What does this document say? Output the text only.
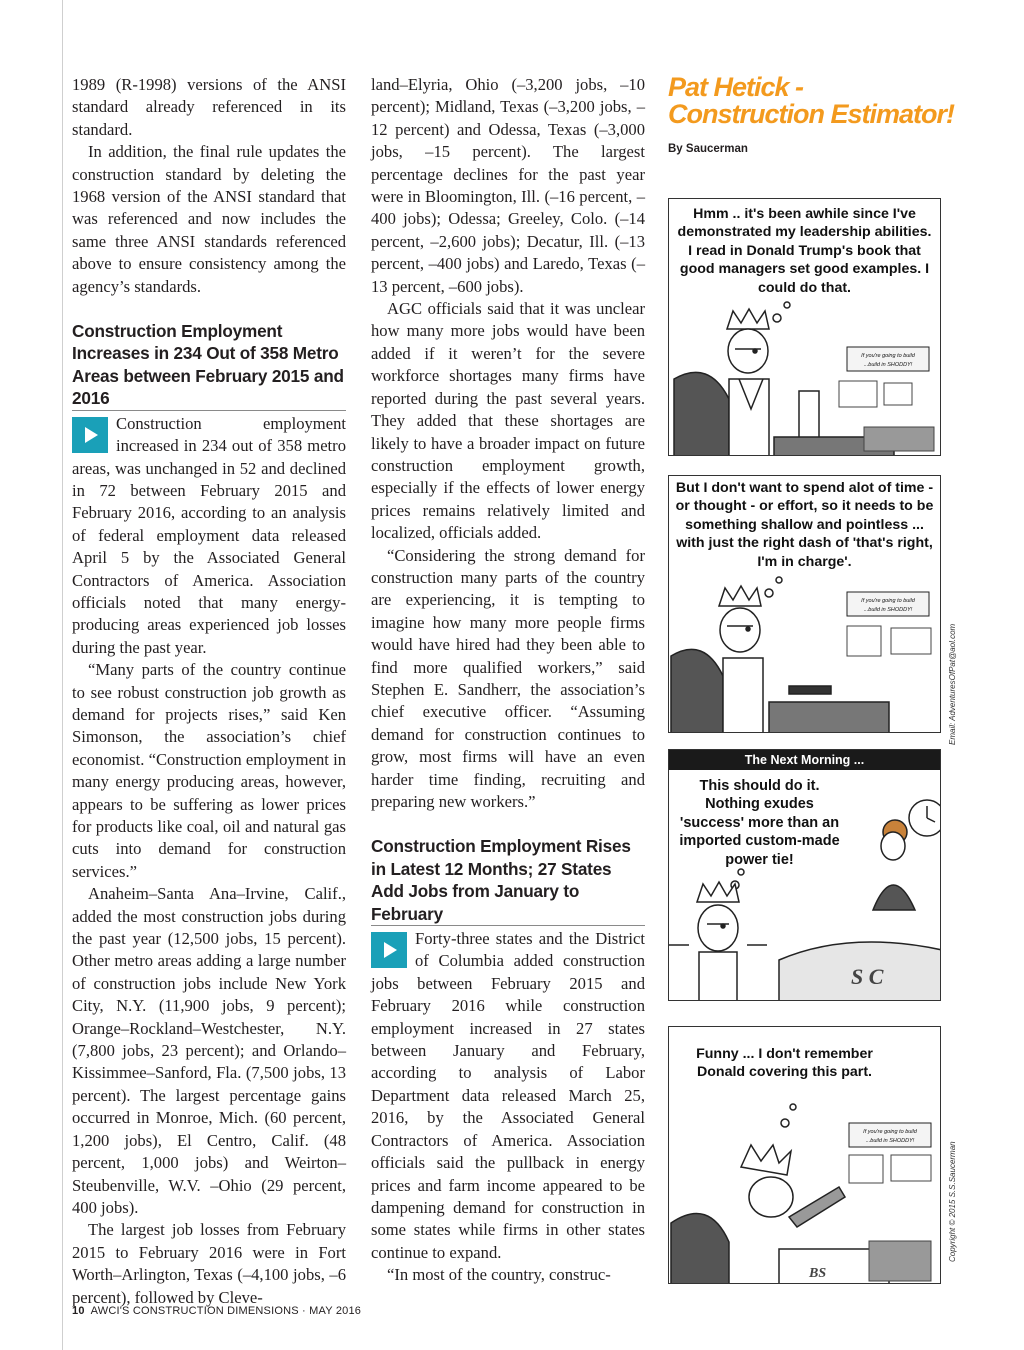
1989 (R-1998) versions of the ANSI standard already referenced in its standard.

In addition, the final rule updates the construction standard by deleting the 1968 version of the ANSI standard that was referenced and now includes the same three ANSI standards referenced above to ensure consistency among the agency’s standards.

Construction Employment Increases in 234 Out of 358 Metro Areas between February 2015 and 2016

Construction employment increased in 234 out of 358 metro areas, was unchanged in 52 and declined in 72 between February 2015 and February 2016, according to an analysis of federal employment data released April 5 by the Associated General Contractors of America. Association officials noted that many energy-producing areas experienced job losses during the past year.

“Many parts of the country continue to see robust construction job growth as demand for projects rises,” said Ken Simonson, the association’s chief economist. “Construction employment in many energy producing areas, however, appears to be suffering as lower prices for products like coal, oil and natural gas cuts into demand for construction services.”

Anaheim–Santa Ana–Irvine, Calif., added the most construction jobs during the past year (12,500 jobs, 15 percent). Other metro areas adding a large number of construction jobs include New York City, N.Y. (11,900 jobs, 9 percent); Orange–Rockland–Westchester, N.Y. (7,800 jobs, 23 percent); and Orlando–Kissimmee–Sanford, Fla. (7,500 jobs, 13 percent). The largest percentage gains occurred in Monroe, Mich. (60 percent, 1,200 jobs), El Centro, Calif. (48 percent, 1,000 jobs) and Weirton–Steubenville, W.V. –Ohio (29 percent, 400 jobs).

The largest job losses from February 2015 to February 2016 were in Fort Worth–Arlington, Texas (–4,100 jobs, –6 percent), followed by Cleve-

land–Elyria, Ohio (–3,200 jobs, –10 percent); Midland, Texas (–3,200 jobs, –12 percent) and Odessa, Texas (–3,000 jobs, –15 percent). The largest percentage declines for the past year were in Bloomington, Ill. (–16 percent, –400 jobs); Odessa; Greeley, Colo. (–14 percent, –2,600 jobs); Decatur, Ill. (–13 percent, –400 jobs) and Laredo, Texas (–13 percent, –600 jobs).

AGC officials said that it was unclear how many more jobs would have been added if it weren’t for the severe workforce shortages many firms have reported during the past several years. They added that these shortages are likely to have a broader impact on future construction employment growth, especially if the effects of lower energy prices remains relatively limited and localized, officials added.

“Considering the strong demand for construction many parts of the country are experiencing, it is tempting to imagine how many more people firms would have hired had they been able to find more qualified workers,” said Stephen E. Sandherr, the association’s chief executive officer. “Assuming demand for construction continues to grow, most firms will have an even harder time finding, recruiting and preparing new workers.”

Construction Employment Rises in Latest 12 Months; 27 States Add Jobs from January to February

Forty-three states and the District of Columbia added construction jobs between February 2015 and February 2016 while construction employment increased in 27 states between January and February, according to analysis of Labor Department data released March 25, 2016, by the Associated General Contractors of America. Association officials said the pullback in energy prices and farm income appeared to be dampening demand for construction in some states while firms in other states continue to expand.

“In most of the country, construc-

Pat Hetick - Construction Estimator!
By Saucerman
Hmm .. it's been awhile since I've demonstrated my leadership abilities. I read in Donald Trump's book that good managers set good examples. I could do that.
If you're going to build
...build in SHODDY!
But I don't want to spend alot of time - or thought - or effort, so it needs to be something shallow and pointless ... with just the right dash of 'that's right, I'm in charge'.
If you're going to build
...build in SHODDY!
The Next Morning ...
This should do it. Nothing exudes 'success' more than an imported custom-made power tie!
S C
Funny ... I don't remember Donald covering this part.
BS
If you're going to build
...build in SHODDY!
Email: AdventuresOfPat@aol.com
Copyright © 2015 S.S.Saucerman
10 AWCI'S CONSTRUCTION DIMENSIONS · MAY 2016
